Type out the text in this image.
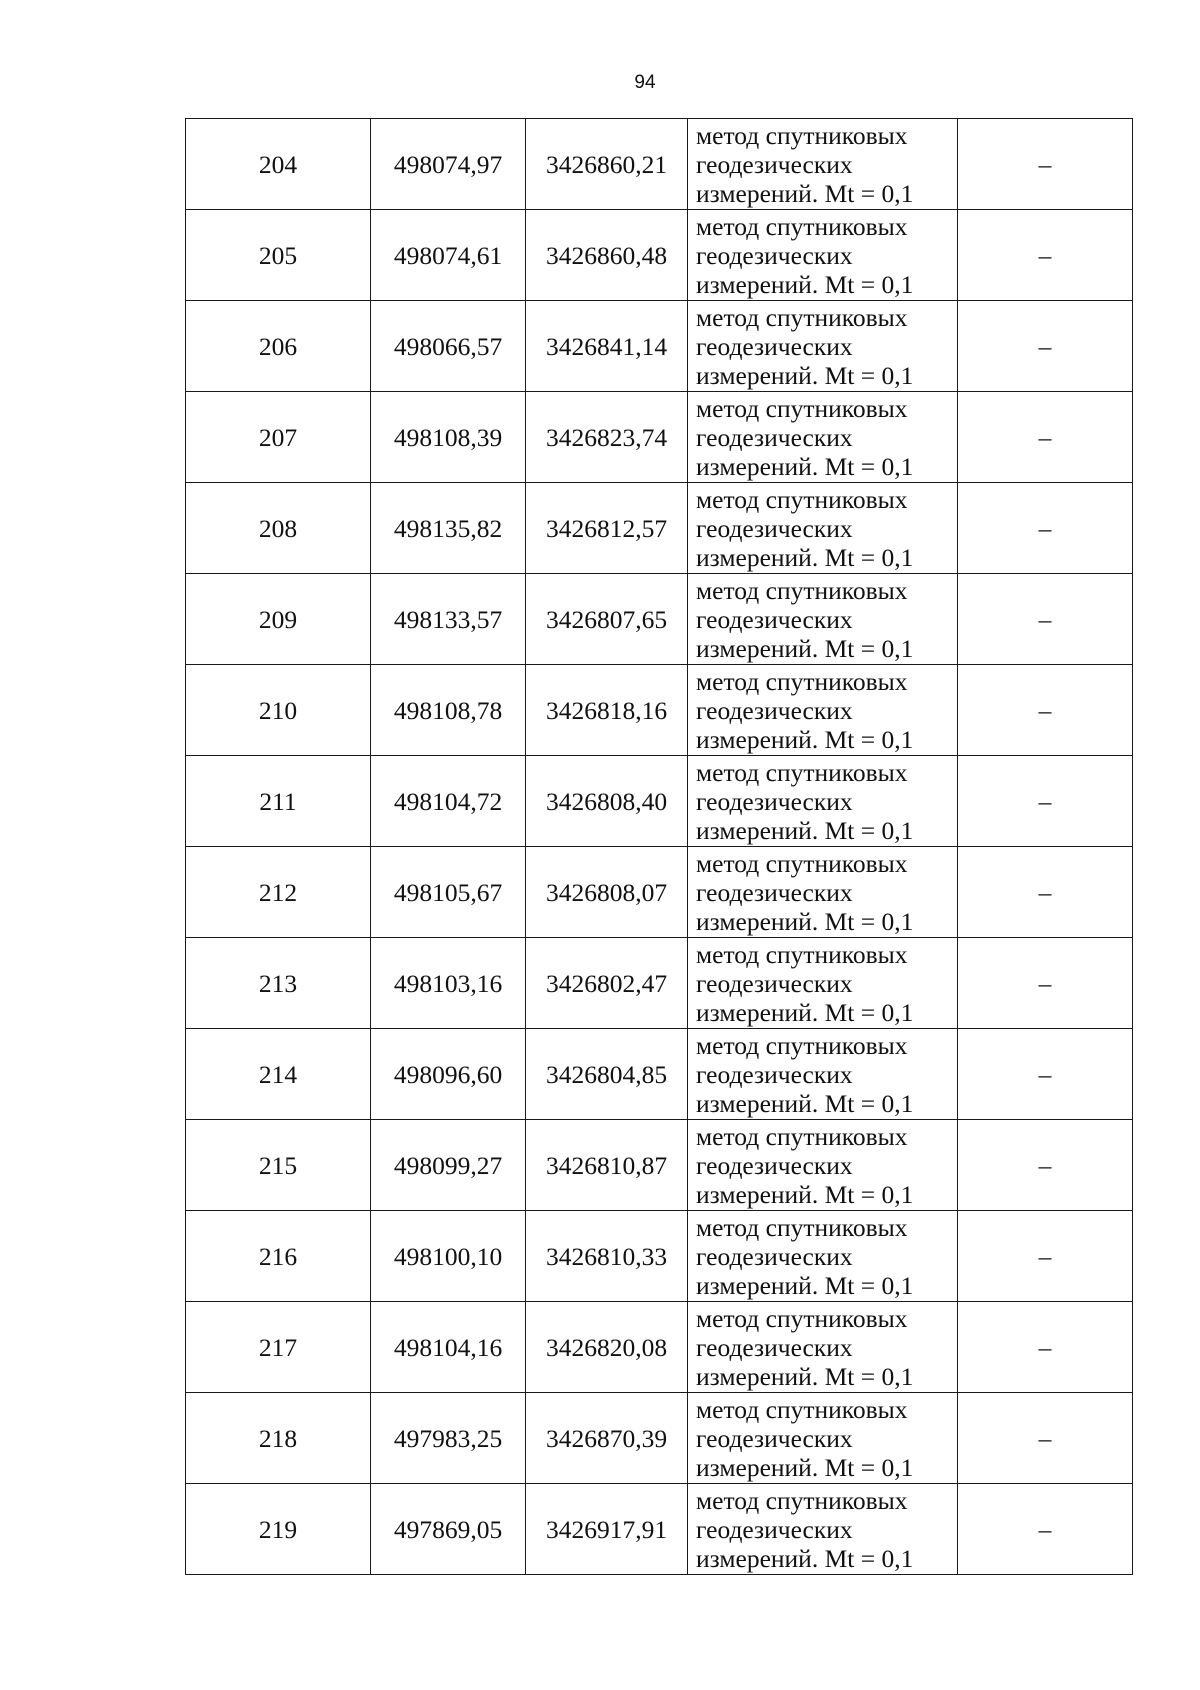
94
204	498074,97	3426860,21	метод спутниковых
геодезических
измерений. Mt = 0,1	–
205	498074,61	3426860,48	метод спутниковых
геодезических
измерений. Mt = 0,1	–
206	498066,57	3426841,14	метод спутниковых
геодезических
измерений. Mt = 0,1	–
207	498108,39	3426823,74	метод спутниковых
геодезических
измерений. Mt = 0,1	–
208	498135,82	3426812,57	метод спутниковых
геодезических
измерений. Mt = 0,1	–
209	498133,57	3426807,65	метод спутниковых
геодезических
измерений. Mt = 0,1	–
210	498108,78	3426818,16	метод спутниковых
геодезических
измерений. Mt = 0,1	–
211	498104,72	3426808,40	метод спутниковых
геодезических
измерений. Mt = 0,1	–
212	498105,67	3426808,07	метод спутниковых
геодезических
измерений. Mt = 0,1	–
213	498103,16	3426802,47	метод спутниковых
геодезических
измерений. Mt = 0,1	–
214	498096,60	3426804,85	метод спутниковых
геодезических
измерений. Mt = 0,1	–
215	498099,27	3426810,87	метод спутниковых
геодезических
измерений. Mt = 0,1	–
216	498100,10	3426810,33	метод спутниковых
геодезических
измерений. Mt = 0,1	–
217	498104,16	3426820,08	метод спутниковых
геодезических
измерений. Mt = 0,1	–
218	497983,25	3426870,39	метод спутниковых
геодезических
измерений. Mt = 0,1	–
219	497869,05	3426917,91	метод спутниковых
геодезических
измерений. Mt = 0,1	–
